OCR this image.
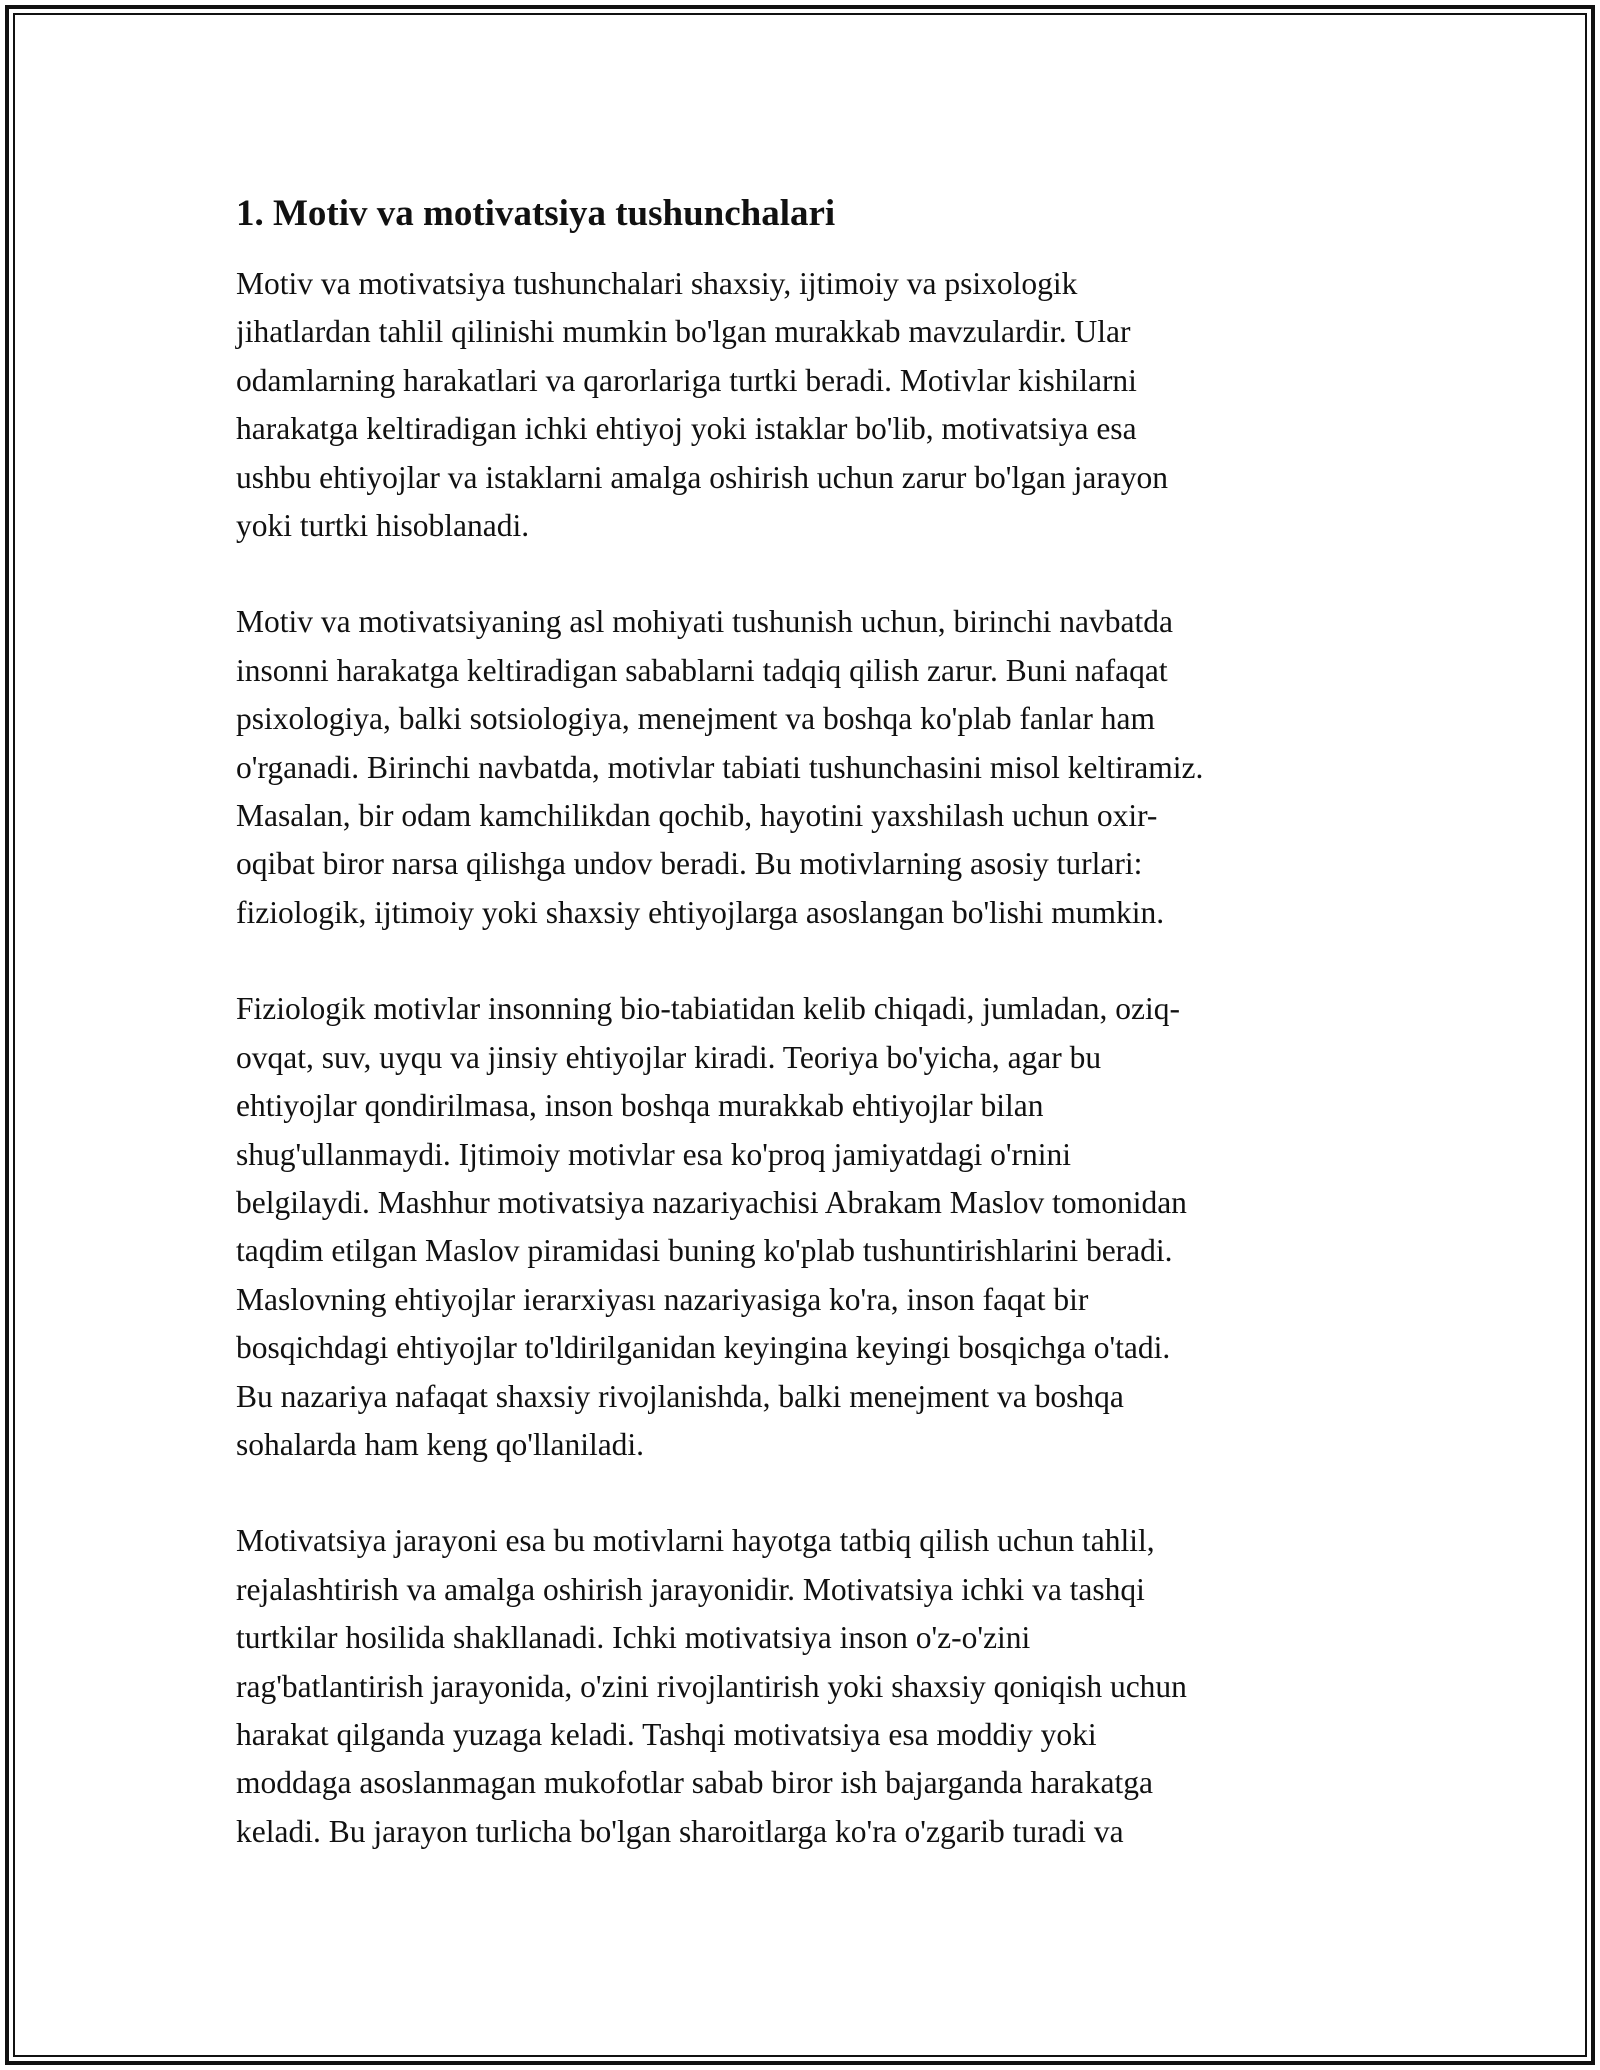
1. Motiv va motivatsiya tushunchalari

Motiv va motivatsiya tushunchalari shaxsiy, ijtimoiy va psixologik
jihatlardan tahlil qilinishi mumkin bo'lgan murakkab mavzulardir. Ular
odamlarning harakatlari va qarorlariga turtki beradi. Motivlar kishilarni
harakatga keltiradigan ichki ehtiyoj yoki istaklar bo'lib, motivatsiya esa
ushbu ehtiyojlar va istaklarni amalga oshirish uchun zarur bo'lgan jarayon
yoki turtki hisoblanadi.

Motiv va motivatsiyaning asl mohiyati tushunish uchun, birinchi navbatda
insonni harakatga keltiradigan sabablarni tadqiq qilish zarur. Buni nafaqat
psixologiya, balki sotsiologiya, menejment va boshqa ko'plab fanlar ham
o'rganadi. Birinchi navbatda, motivlar tabiati tushunchasini misol keltiramiz.
Masalan, bir odam kamchilikdan qochib, hayotini yaxshilash uchun oxir-
oqibat biror narsa qilishga undov beradi. Bu motivlarning asosiy turlari:
fiziologik, ijtimoiy yoki shaxsiy ehtiyojlarga asoslangan bo'lishi mumkin.

Fiziologik motivlar insonning bio-tabiatidan kelib chiqadi, jumladan, oziq-
ovqat, suv, uyqu va jinsiy ehtiyojlar kiradi. Teoriya bo'yicha, agar bu
ehtiyojlar qondirilmasa, inson boshqa murakkab ehtiyojlar bilan
shug'ullanmaydi. Ijtimoiy motivlar esa ko'proq jamiyatdagi o'rnini
belgilaydi. Mashhur motivatsiya nazariyachisi Abrakam Maslov tomonidan
taqdim etilgan Maslov piramidasi buning ko'plab tushuntirishlarini beradi.
Maslovning ehtiyojlar ierarxiyası nazariyasiga ko'ra, inson faqat bir
bosqichdagi ehtiyojlar to'ldirilganidan keyingina keyingi bosqichga o'tadi.
Bu nazariya nafaqat shaxsiy rivojlanishda, balki menejment va boshqa
sohalarda ham keng qo'llaniladi.

Motivatsiya jarayoni esa bu motivlarni hayotga tatbiq qilish uchun tahlil,
rejalashtirish va amalga oshirish jarayonidir. Motivatsiya ichki va tashqi
turtkilar hosilida shakllanadi. Ichki motivatsiya inson o'z-o'zini
rag'batlantirish jarayonida, o'zini rivojlantirish yoki shaxsiy qoniqish uchun
harakat qilganda yuzaga keladi. Tashqi motivatsiya esa moddiy yoki
moddaga asoslanmagan mukofotlar sabab biror ish bajarganda harakatga
keladi. Bu jarayon turlicha bo'lgan sharoitlarga ko'ra o'zgarib turadi va
